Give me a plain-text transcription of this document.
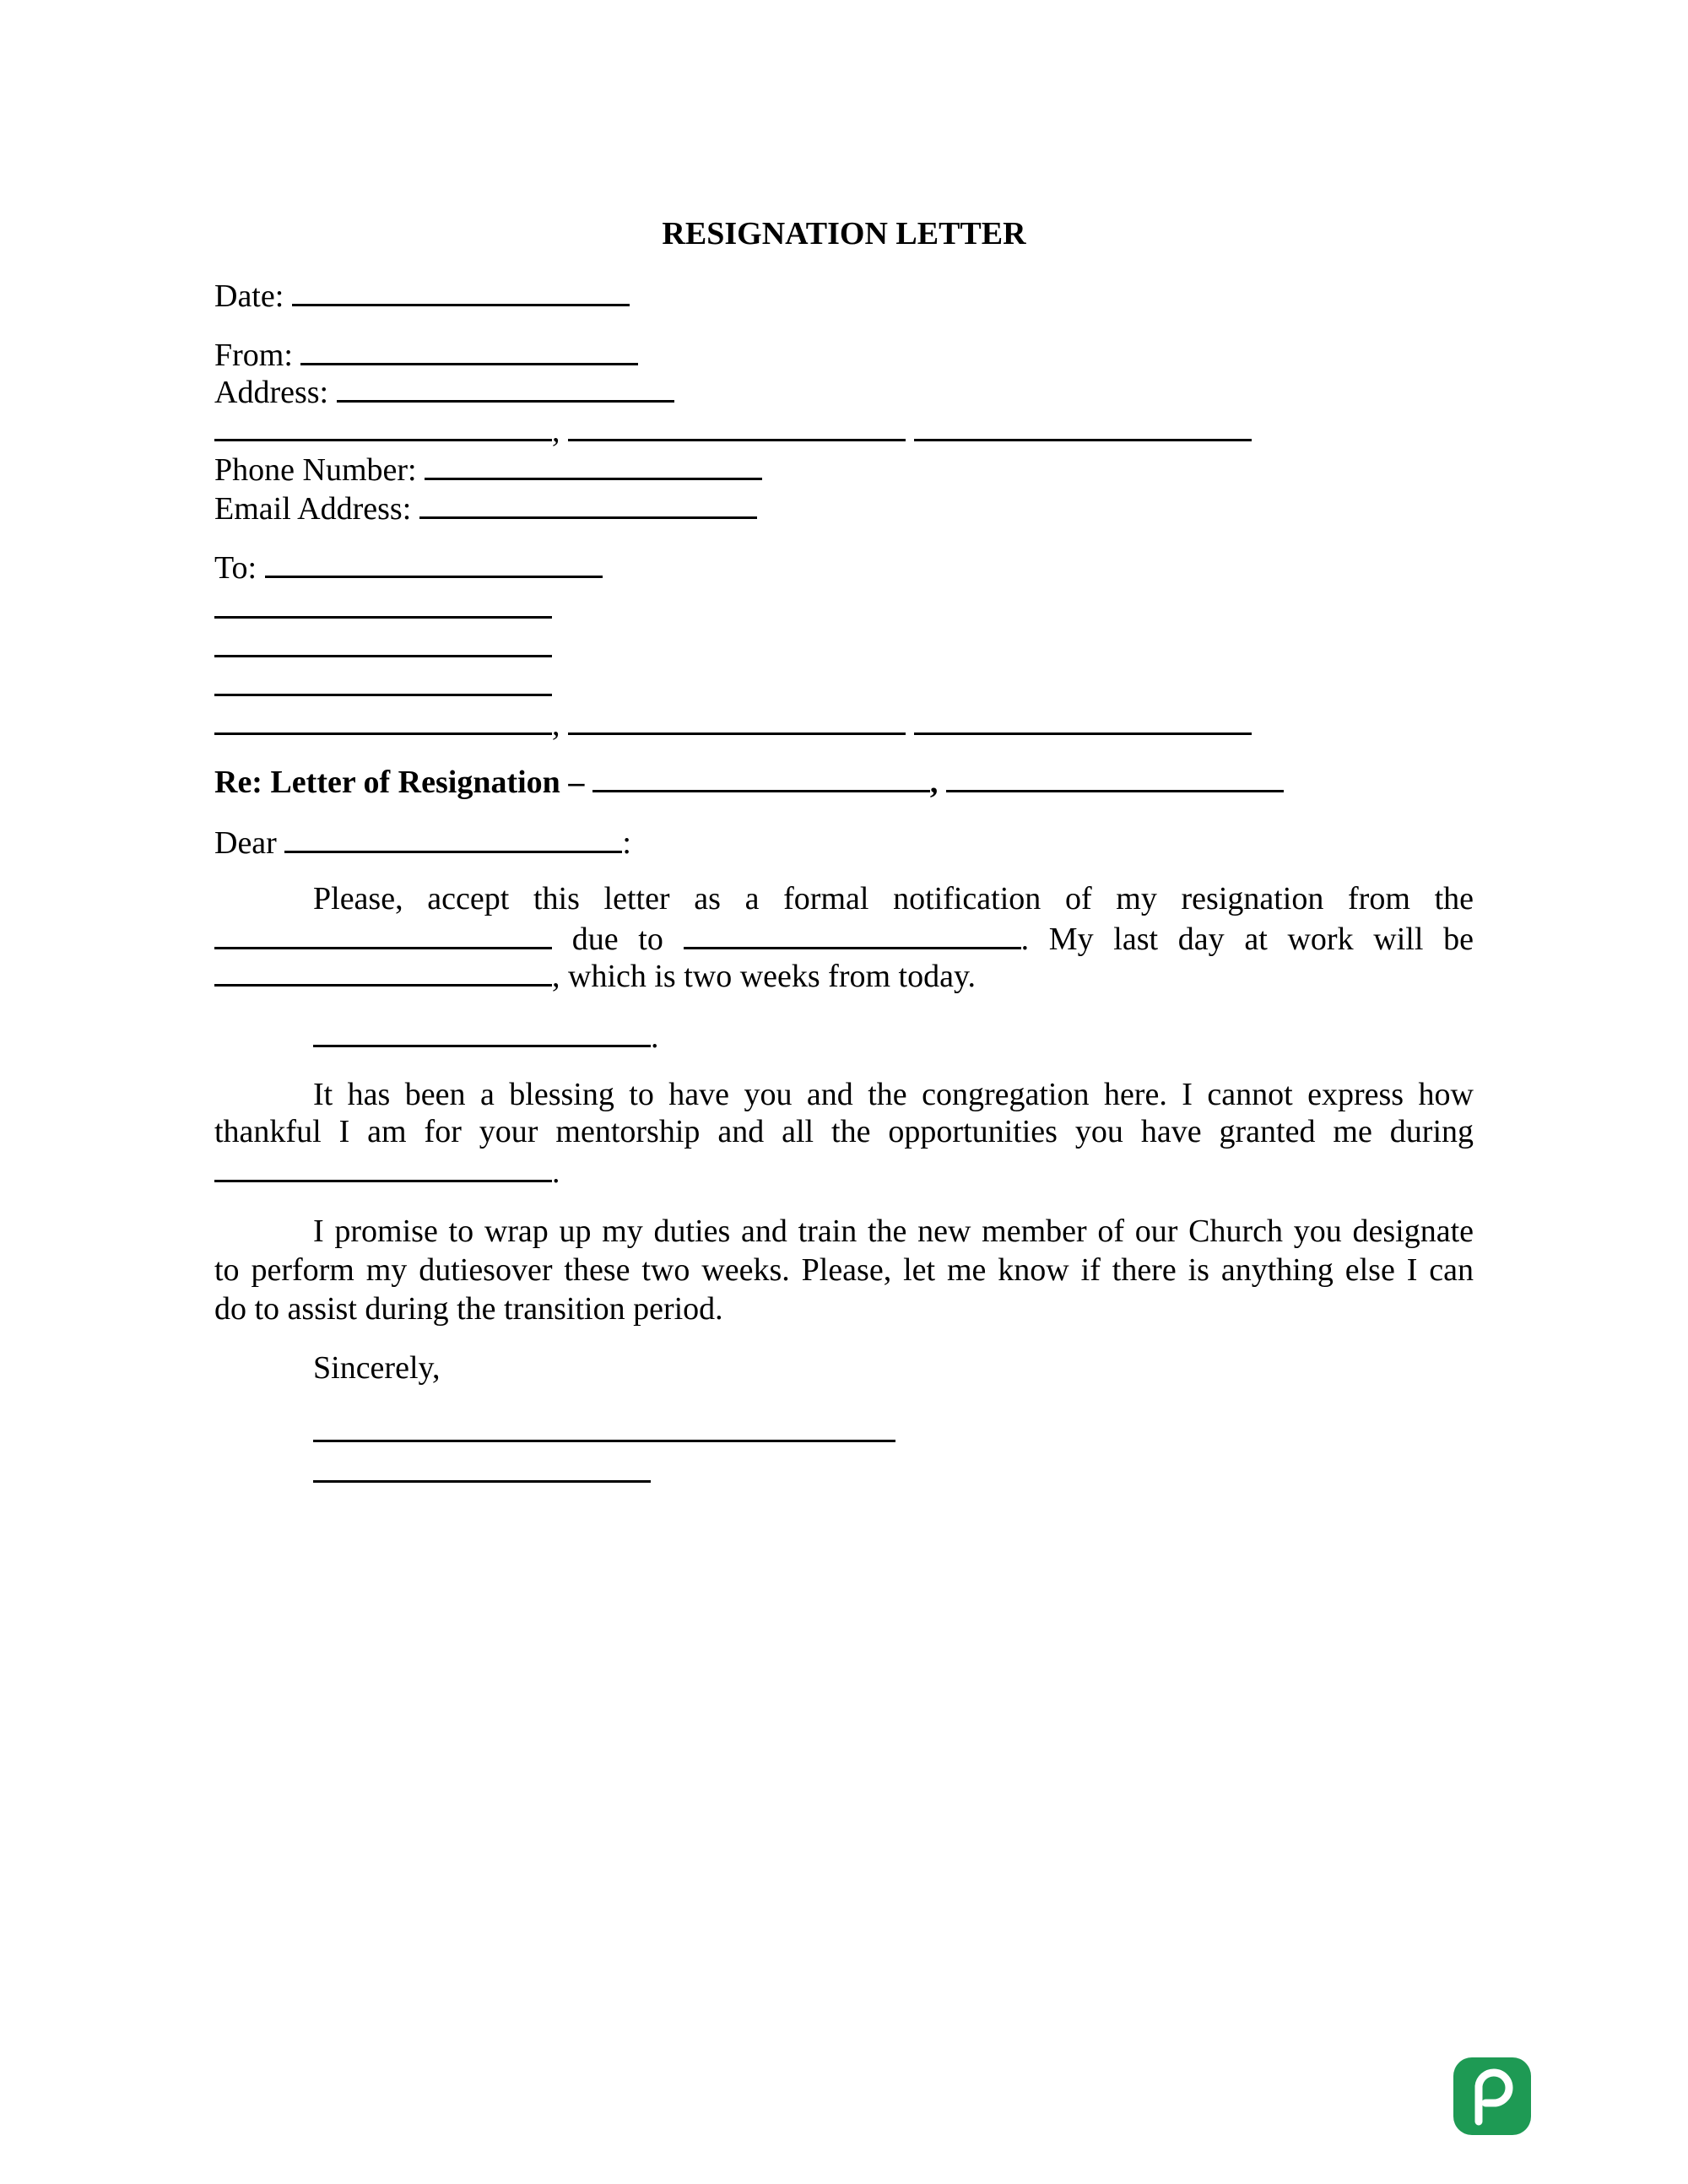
RESIGNATION LETTER
Date:
From:
Address:
,
Phone Number:
Email Address:
To:
,
Re: Letter of Resignation –	,
Dear	:
Please, accept this letter as a formal notification of my resignation from the
due to	. My last day at work will be
, which is two weeks from today.
.
It has been a blessing to have you and the congregation here. I cannot express how
thankful I am for your mentorship and all the opportunities you have granted me during
.
I promise to wrap up my duties and train the new member of our Church you designate
to perform my dutiesover these two weeks. Please, let me know if there is anything else I can
do to assist during the transition period.
Sincerely,
